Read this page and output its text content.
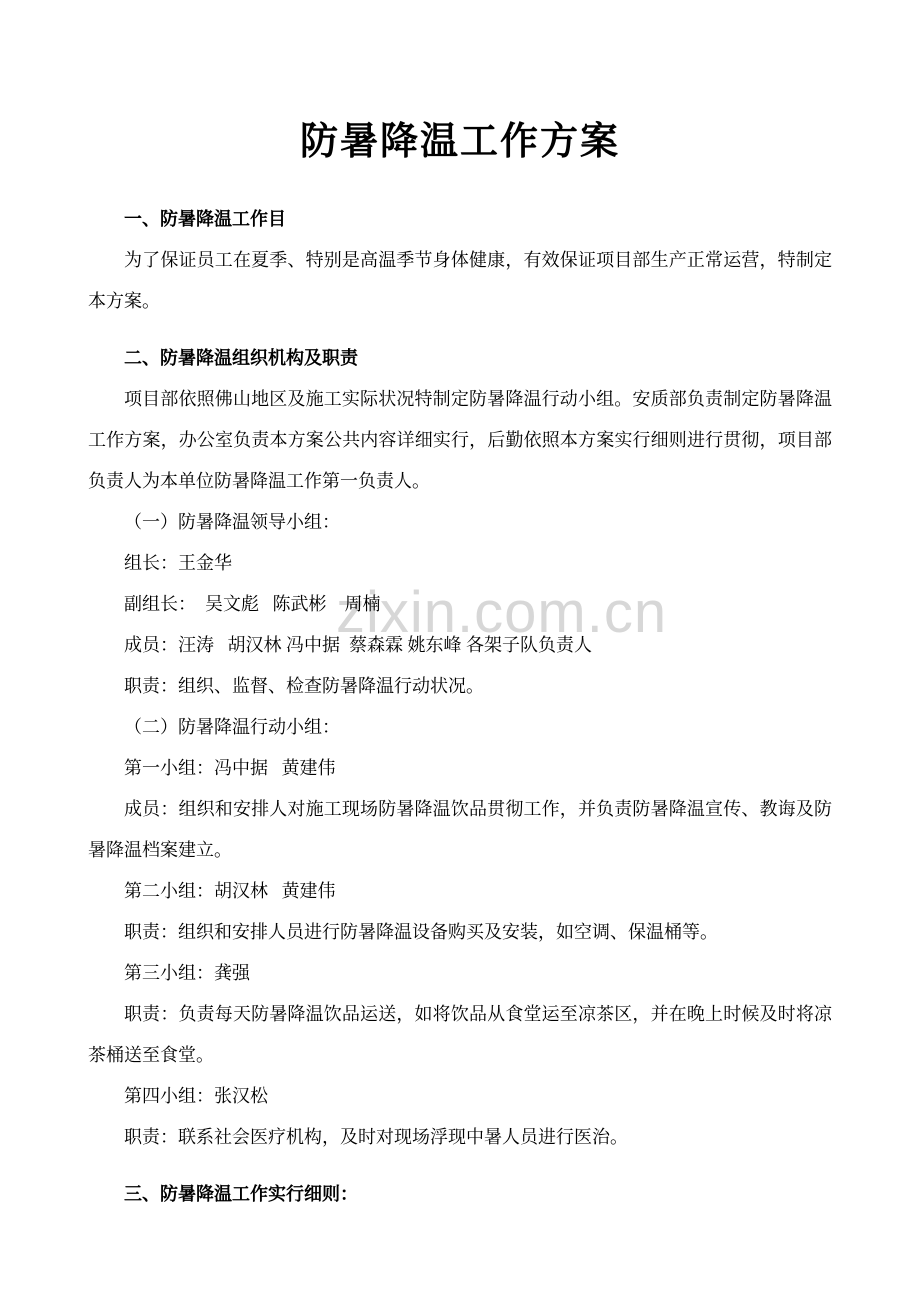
zixin.com.cn
防暑降温工作方案

一、防暑降温工作目

为了保证员工在夏季、特别是高温季节身体健康，有效保证项目部生产正常运营，特制定本方案。

二、防暑降温组织机构及职责

项目部依照佛山地区及施工实际状况特制定防暑降温行动小组。安质部负责制定防暑降温工作方案，办公室负责本方案公共内容详细实行，后勤依照本方案实行细则进行贯彻，项目部负责人为本单位防暑降温工作第一负责人。

（一）防暑降温领导小组：

组长：王金华

副组长：  吴文彪   陈武彬    周楠

成员：汪涛   胡汉林 冯中据  蔡森霖 姚东峰 各架子队负责人

职责：组织、监督、检查防暑降温行动状况。

（二）防暑降温行动小组：

第一小组：冯中据   黄建伟

成员：组织和安排人对施工现场防暑降温饮品贯彻工作，并负责防暑降温宣传、教诲及防暑降温档案建立。

第二小组：胡汉林   黄建伟

职责：组织和安排人员进行防暑降温设备购买及安装，如空调、保温桶等。

第三小组：龚强

职责：负责每天防暑降温饮品运送，如将饮品从食堂运至凉茶区，并在晚上时候及时将凉茶桶送至食堂。

第四小组：张汉松

职责：联系社会医疗机构，及时对现场浮现中暑人员进行医治。

三、防暑降温工作实行细则：
